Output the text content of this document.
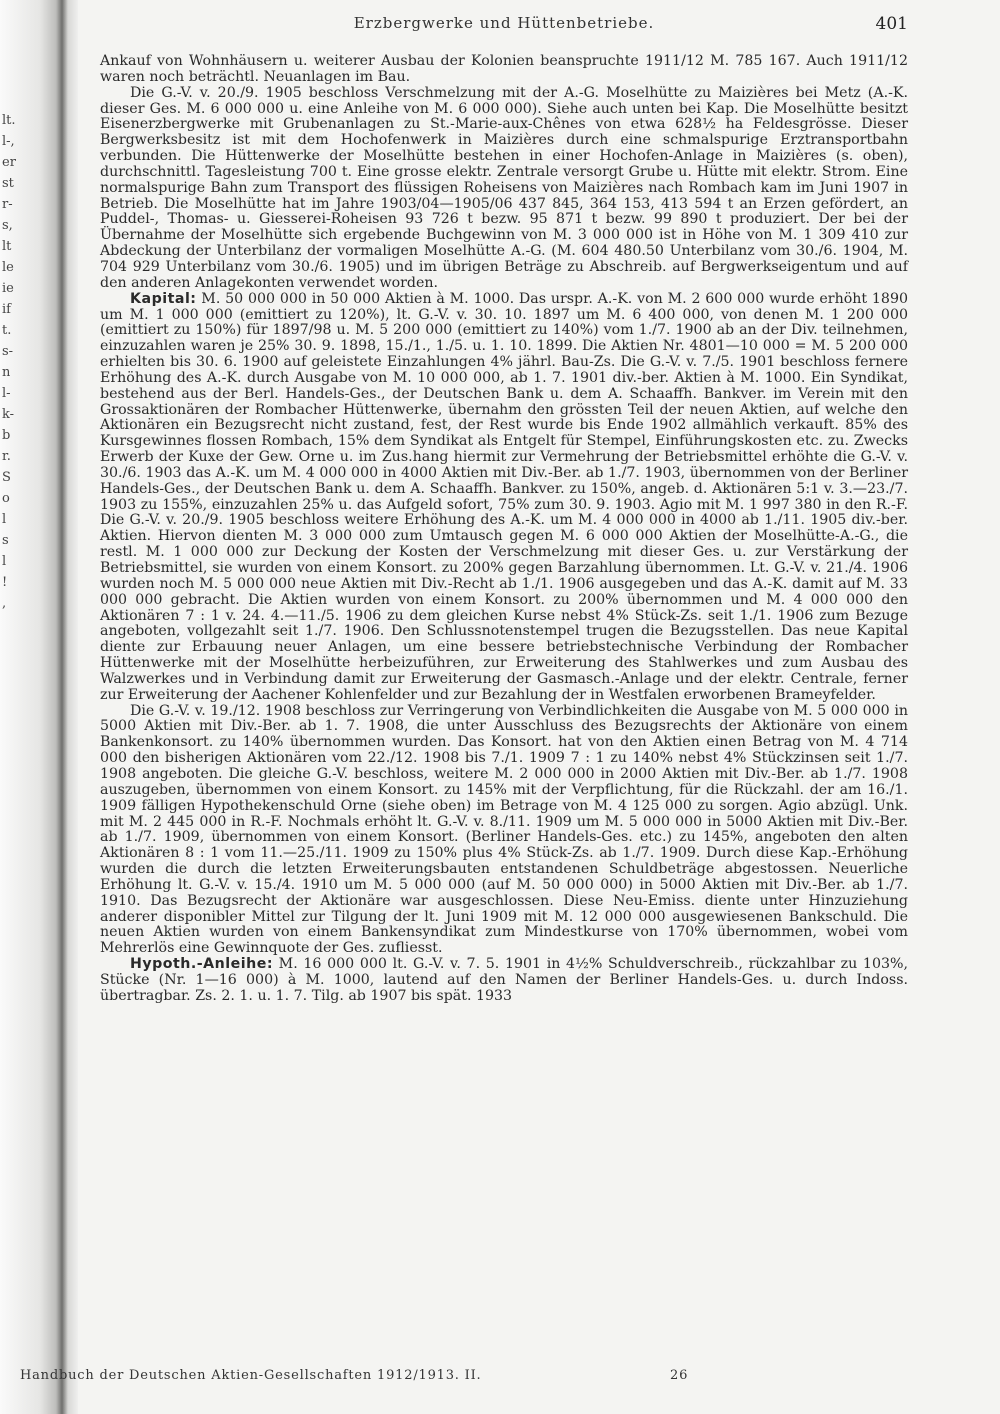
lt.
l-,
er
st
r-
s,
lt
le
ie
if
t.
s-
n
l-
k-
b
r.
S
o
l
s
l
!
,
Erzbergwerke und Hüttenbetriebe.	401

Ankauf von Wohnhäusern u. weiterer Ausbau der Kolonien beanspruchte 1911/12 M. 785 167. Auch 1911/12 waren noch beträchtl. Neuanlagen im Bau.

Die G.-V. v. 20./9. 1905 beschloss Verschmelzung mit der A.-G. Moselhütte zu Maizières bei Metz (A.-K. dieser Ges. M. 6 000 000 u. eine Anleihe von M. 6 000 000). Siehe auch unten bei Kap. Die Moselhütte besitzt Eisenerzbergwerke mit Grubenanlagen zu St.-Marie-aux-Chênes von etwa 628½ ha Feldesgrösse. Dieser Bergwerksbesitz ist mit dem Hochofenwerk in Maizières durch eine schmalspurige Erztransportbahn verbunden. Die Hüttenwerke der Moselhütte bestehen in einer Hochofen-Anlage in Maizières (s. oben), durchschnittl. Tagesleistung 700 t. Eine grosse elektr. Zentrale versorgt Grube u. Hütte mit elektr. Strom. Eine normalspurige Bahn zum Transport des flüssigen Roheisens von Maizières nach Rombach kam im Juni 1907 in Betrieb. Die Moselhütte hat im Jahre 1903/04—1905/06 437 845, 364 153, 413 594 t an Erzen gefördert, an Puddel-, Thomas- u. Giesserei-Roheisen 93 726 t bezw. 95 871 t bezw. 99 890 t produziert. Der bei der Übernahme der Moselhütte sich ergebende Buchgewinn von M. 3 000 000 ist in Höhe von M. 1 309 410 zur Abdeckung der Unterbilanz der vormaligen Moselhütte A.-G. (M. 604 480.50 Unterbilanz vom 30./6. 1904, M. 704 929 Unterbilanz vom 30./6. 1905) und im übrigen Beträge zu Abschreib. auf Bergwerkseigentum und auf den anderen Anlagekonten verwendet worden.

Kapital: M. 50 000 000 in 50 000 Aktien à M. 1000. Das urspr. A.-K. von M. 2 600 000 wurde erhöht 1890 um M. 1 000 000 (emittiert zu 120%), lt. G.-V. v. 30. 10. 1897 um M. 6 400 000, von denen M. 1 200 000 (emittiert zu 150%) für 1897/98 u. M. 5 200 000 (emittiert zu 140%) vom 1./7. 1900 ab an der Div. teilnehmen, einzuzahlen waren je 25% 30. 9. 1898, 15./1., 1./5. u. 1. 10. 1899. Die Aktien Nr. 4801—10 000 = M. 5 200 000 erhielten bis 30. 6. 1900 auf geleistete Einzahlungen 4% jährl. Bau-Zs. Die G.-V. v. 7./5. 1901 beschloss fernere Erhöhung des A.-K. durch Ausgabe von M. 10 000 000, ab 1. 7. 1901 div.-ber. Aktien à M. 1000. Ein Syndikat, bestehend aus der Berl. Handels-Ges., der Deutschen Bank u. dem A. Schaaffh. Bankver. im Verein mit den Grossaktionären der Rombacher Hüttenwerke, übernahm den grössten Teil der neuen Aktien, auf welche den Aktionären ein Bezugsrecht nicht zustand, fest, der Rest wurde bis Ende 1902 allmählich verkauft. 85% des Kursgewinnes flossen Rombach, 15% dem Syndikat als Entgelt für Stempel, Einführungskosten etc. zu. Zwecks Erwerb der Kuxe der Gew. Orne u. im Zus.hang hiermit zur Vermehrung der Betriebsmittel erhöhte die G.-V. v. 30./6. 1903 das A.-K. um M. 4 000 000 in 4000 Aktien mit Div.-Ber. ab 1./7. 1903, übernommen von der Berliner Handels-Ges., der Deutschen Bank u. dem A. Schaaffh. Bankver. zu 150%, angeb. d. Aktionären 5:1 v. 3.—23./7. 1903 zu 155%, einzuzahlen 25% u. das Aufgeld sofort, 75% zum 30. 9. 1903. Agio mit M. 1 997 380 in den R.-F. Die G.-V. v. 20./9. 1905 beschloss weitere Erhöhung des A.-K. um M. 4 000 000 in 4000 ab 1./11. 1905 div.-ber. Aktien. Hiervon dienten M. 3 000 000 zum Umtausch gegen M. 6 000 000 Aktien der Moselhütte-A.-G., die restl. M. 1 000 000 zur Deckung der Kosten der Verschmelzung mit dieser Ges. u. zur Verstärkung der Betriebsmittel, sie wurden von einem Konsort. zu 200% gegen Barzahlung übernommen. Lt. G.-V. v. 21./4. 1906 wurden noch M. 5 000 000 neue Aktien mit Div.-Recht ab 1./1. 1906 ausgegeben und das A.-K. damit auf M. 33 000 000 gebracht. Die Aktien wurden von einem Konsort. zu 200% übernommen und M. 4 000 000 den Aktionären 7 : 1 v. 24. 4.—11./5. 1906 zu dem gleichen Kurse nebst 4% Stück-Zs. seit 1./1. 1906 zum Bezuge angeboten, vollgezahlt seit 1./7. 1906. Den Schlussnotenstempel trugen die Bezugsstellen. Das neue Kapital diente zur Erbauung neuer Anlagen, um eine bessere betriebstechnische Verbindung der Rombacher Hüttenwerke mit der Moselhütte herbeizuführen, zur Erweiterung des Stahlwerkes und zum Ausbau des Walzwerkes und in Verbindung damit zur Erweiterung der Gasmasch.-Anlage und der elektr. Centrale, ferner zur Erweiterung der Aachener Kohlenfelder und zur Bezahlung der in Westfalen erworbenen Brameyfelder.

Die G.-V. v. 19./12. 1908 beschloss zur Verringerung von Verbindlichkeiten die Ausgabe von M. 5 000 000 in 5000 Aktien mit Div.-Ber. ab 1. 7. 1908, die unter Ausschluss des Bezugsrechts der Aktionäre von einem Bankenkonsort. zu 140% übernommen wurden. Das Konsort. hat von den Aktien einen Betrag von M. 4 714 000 den bisherigen Aktionären vom 22./12. 1908 bis 7./1. 1909 7 : 1 zu 140% nebst 4% Stückzinsen seit 1./7. 1908 angeboten. Die gleiche G.-V. beschloss, weitere M. 2 000 000 in 2000 Aktien mit Div.-Ber. ab 1./7. 1908 auszugeben, übernommen von einem Konsort. zu 145% mit der Verpflichtung, für die Rückzahl. der am 16./1. 1909 fälligen Hypothekenschuld Orne (siehe oben) im Betrage von M. 4 125 000 zu sorgen. Agio abzügl. Unk. mit M. 2 445 000 in R.-F. Nochmals erhöht lt. G.-V. v. 8./11. 1909 um M. 5 000 000 in 5000 Aktien mit Div.-Ber. ab 1./7. 1909, übernommen von einem Konsort. (Berliner Handels-Ges. etc.) zu 145%, angeboten den alten Aktionären 8 : 1 vom 11.—25./11. 1909 zu 150% plus 4% Stück-Zs. ab 1./7. 1909. Durch diese Kap.-Erhöhung wurden die durch die letzten Erweiterungsbauten entstandenen Schuldbeträge abgestossen. Neuerliche Erhöhung lt. G.-V. v. 15./4. 1910 um M. 5 000 000 (auf M. 50 000 000) in 5000 Aktien mit Div.-Ber. ab 1./7. 1910. Das Bezugsrecht der Aktionäre war ausgeschlossen. Diese Neu-Emiss. diente unter Hinzuziehung anderer disponibler Mittel zur Tilgung der lt. Juni 1909 mit M. 12 000 000 ausgewiesenen Bankschuld. Die neuen Aktien wurden von einem Bankensyndikat zum Mindestkurse von 170% übernommen, wobei vom Mehrerlös eine Gewinnquote der Ges. zufliesst.

Hypoth.-Anleihe: M. 16 000 000 lt. G.-V. v. 7. 5. 1901 in 4½% Schuldverschreib., rückzahlbar zu 103%, Stücke (Nr. 1—16 000) à M. 1000, lautend auf den Namen der Berliner Handels-Ges. u. durch Indoss. übertragbar. Zs. 2. 1. u. 1. 7. Tilg. ab 1907 bis spät. 1933

Handbuch der Deutschen Aktien-Gesellschaften 1912/1913. II.	26
